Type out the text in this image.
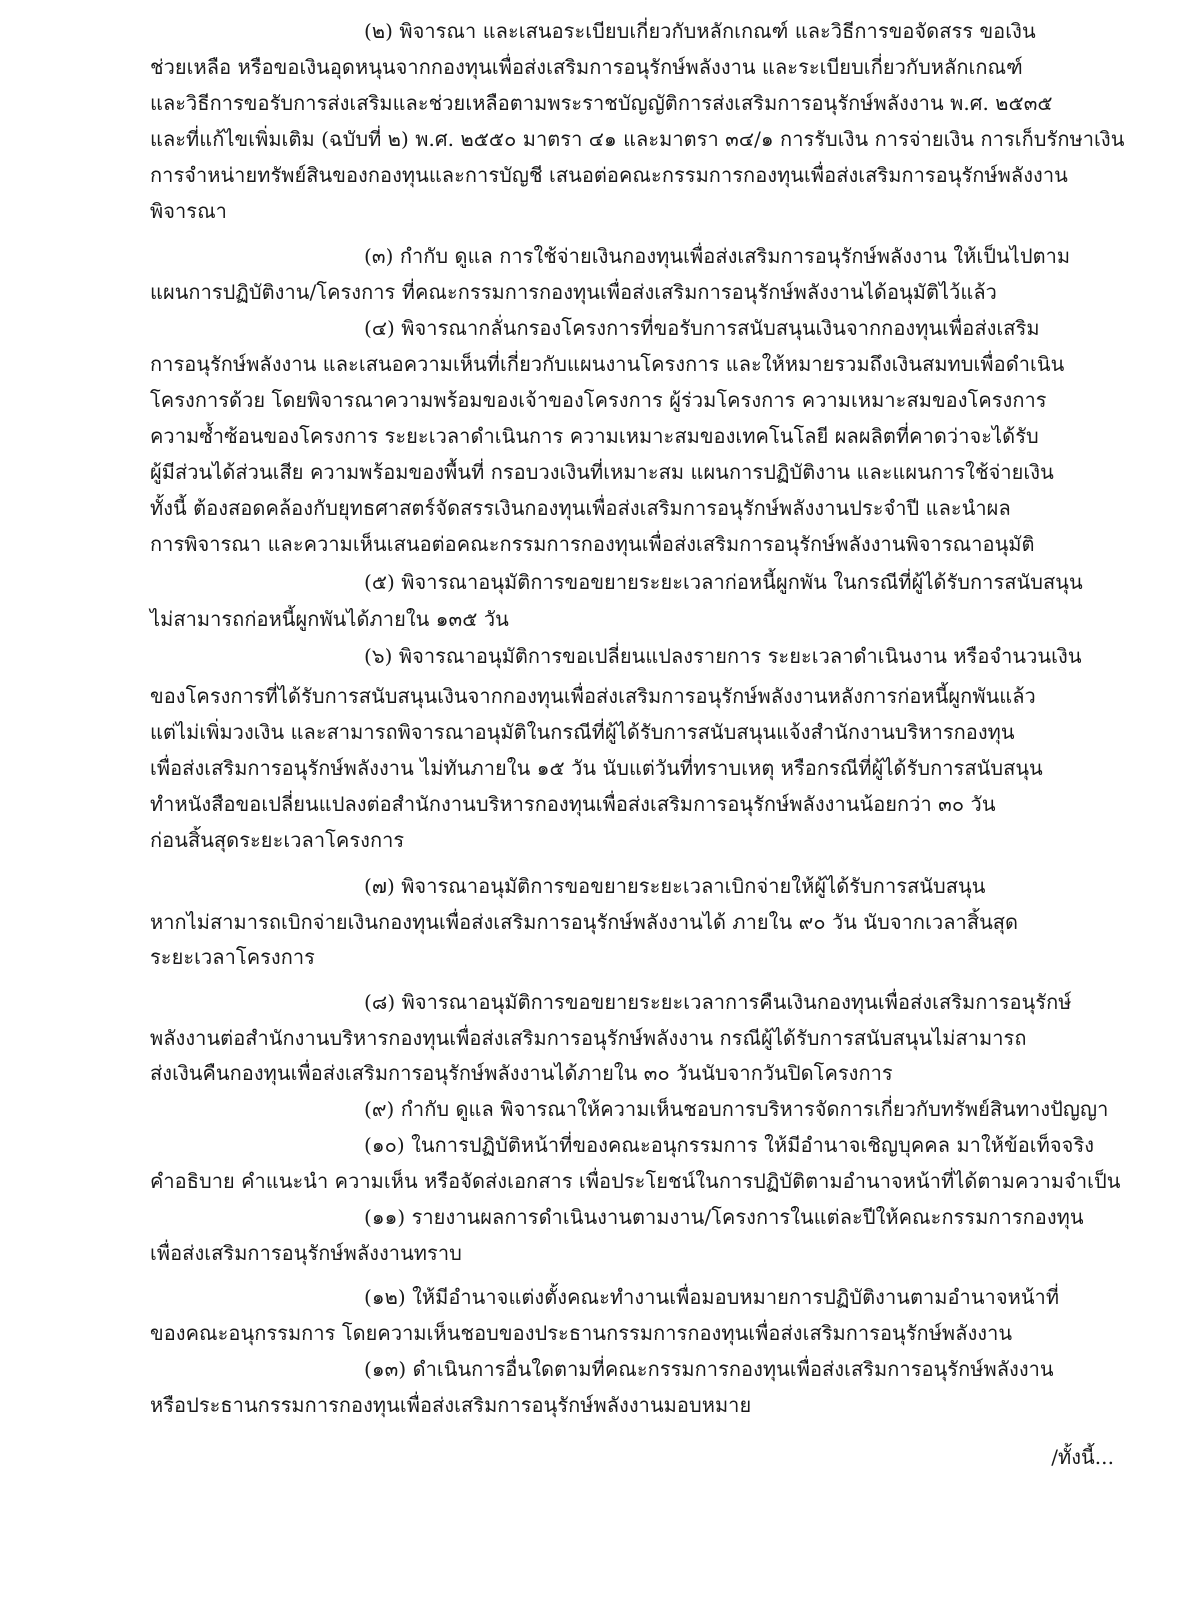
(๒) พิจารณา และเสนอระเบียบเกี่ยวกับหลักเกณฑ์ และวิธีการขอจัดสรร ขอเงิน
ช่วยเหลือ หรือขอเงินอุดหนุนจากกองทุนเพื่อส่งเสริมการอนุรักษ์พลังงาน และระเบียบเกี่ยวกับหลักเกณฑ์
และวิธีการขอรับการส่งเสริมและช่วยเหลือตามพระราชบัญญัติการส่งเสริมการอนุรักษ์พลังงาน พ.ศ. ๒๕๓๕
และที่แก้ไขเพิ่มเติม (ฉบับที่ ๒) พ.ศ. ๒๕๕๐ มาตรา ๔๑ และมาตรา ๓๔/๑ การรับเงิน การจ่ายเงิน การเก็บรักษาเงิน
การจำหน่ายทรัพย์สินของกองทุนและการบัญชี เสนอต่อคณะกรรมการกองทุนเพื่อส่งเสริมการอนุรักษ์พลังงาน
พิจารณา
(๓) กำกับ ดูแล การใช้จ่ายเงินกองทุนเพื่อส่งเสริมการอนุรักษ์พลังงาน ให้เป็นไปตาม
แผนการปฏิบัติงาน/โครงการ ที่คณะกรรมการกองทุนเพื่อส่งเสริมการอนุรักษ์พลังงานได้อนุมัติไว้แล้ว
(๔) พิจารณากลั่นกรองโครงการที่ขอรับการสนับสนุนเงินจากกองทุนเพื่อส่งเสริม
การอนุรักษ์พลังงาน และเสนอความเห็นที่เกี่ยวกับแผนงานโครงการ และให้หมายรวมถึงเงินสมทบเพื่อดำเนิน
โครงการด้วย โดยพิจารณาความพร้อมของเจ้าของโครงการ ผู้ร่วมโครงการ ความเหมาะสมของโครงการ
ความซ้ำซ้อนของโครงการ ระยะเวลาดำเนินการ ความเหมาะสมของเทคโนโลยี ผลผลิตที่คาดว่าจะได้รับ
ผู้มีส่วนได้ส่วนเสีย ความพร้อมของพื้นที่ กรอบวงเงินที่เหมาะสม แผนการปฏิบัติงาน และแผนการใช้จ่ายเงิน
ทั้งนี้ ต้องสอดคล้องกับยุทธศาสตร์จัดสรรเงินกองทุนเพื่อส่งเสริมการอนุรักษ์พลังงานประจำปี และนำผล
การพิจารณา และความเห็นเสนอต่อคณะกรรมการกองทุนเพื่อส่งเสริมการอนุรักษ์พลังงานพิจารณาอนุมัติ
(๕) พิจารณาอนุมัติการขอขยายระยะเวลาก่อหนี้ผูกพัน ในกรณีที่ผู้ได้รับการสนับสนุน
ไม่สามารถก่อหนี้ผูกพันได้ภายใน ๑๓๕ วัน
(๖) พิจารณาอนุมัติการขอเปลี่ยนแปลงรายการ ระยะเวลาดำเนินงาน หรือจำนวนเงิน
ของโครงการที่ได้รับการสนับสนุนเงินจากกองทุนเพื่อส่งเสริมการอนุรักษ์พลังงานหลังการก่อหนี้ผูกพันแล้ว
แต่ไม่เพิ่มวงเงิน และสามารถพิจารณาอนุมัติในกรณีที่ผู้ได้รับการสนับสนุนแจ้งสำนักงานบริหารกองทุน
เพื่อส่งเสริมการอนุรักษ์พลังงาน ไม่ทันภายใน ๑๕ วัน นับแต่วันที่ทราบเหตุ หรือกรณีที่ผู้ได้รับการสนับสนุน
ทำหนังสือขอเปลี่ยนแปลงต่อสำนักงานบริหารกองทุนเพื่อส่งเสริมการอนุรักษ์พลังงานน้อยกว่า ๓๐ วัน
ก่อนสิ้นสุดระยะเวลาโครงการ
(๗) พิจารณาอนุมัติการขอขยายระยะเวลาเบิกจ่ายให้ผู้ได้รับการสนับสนุน
หากไม่สามารถเบิกจ่ายเงินกองทุนเพื่อส่งเสริมการอนุรักษ์พลังงานได้ ภายใน ๙๐ วัน นับจากเวลาสิ้นสุด
ระยะเวลาโครงการ
(๘) พิจารณาอนุมัติการขอขยายระยะเวลาการคืนเงินกองทุนเพื่อส่งเสริมการอนุรักษ์
พลังงานต่อสำนักงานบริหารกองทุนเพื่อส่งเสริมการอนุรักษ์พลังงาน กรณีผู้ได้รับการสนับสนุนไม่สามารถ
ส่งเงินคืนกองทุนเพื่อส่งเสริมการอนุรักษ์พลังงานได้ภายใน ๓๐ วันนับจากวันปิดโครงการ
(๙) กำกับ ดูแล พิจารณาให้ความเห็นชอบการบริหารจัดการเกี่ยวกับทรัพย์สินทางปัญญา
(๑๐) ในการปฏิบัติหน้าที่ของคณะอนุกรรมการ ให้มีอำนาจเชิญบุคคล มาให้ข้อเท็จจริง
คำอธิบาย คำแนะนำ ความเห็น หรือจัดส่งเอกสาร เพื่อประโยชน์ในการปฏิบัติตามอำนาจหน้าที่ได้ตามความจำเป็น
(๑๑) รายงานผลการดำเนินงานตามงาน/โครงการในแต่ละปีให้คณะกรรมการกองทุน
เพื่อส่งเสริมการอนุรักษ์พลังงานทราบ
(๑๒) ให้มีอำนาจแต่งตั้งคณะทำงานเพื่อมอบหมายการปฏิบัติงานตามอำนาจหน้าที่
ของคณะอนุกรรมการ โดยความเห็นชอบของประธานกรรมการกองทุนเพื่อส่งเสริมการอนุรักษ์พลังงาน
(๑๓) ดำเนินการอื่นใดตามที่คณะกรรมการกองทุนเพื่อส่งเสริมการอนุรักษ์พลังงาน
หรือประธานกรรมการกองทุนเพื่อส่งเสริมการอนุรักษ์พลังงานมอบหมาย
/ทั้งนี้...
